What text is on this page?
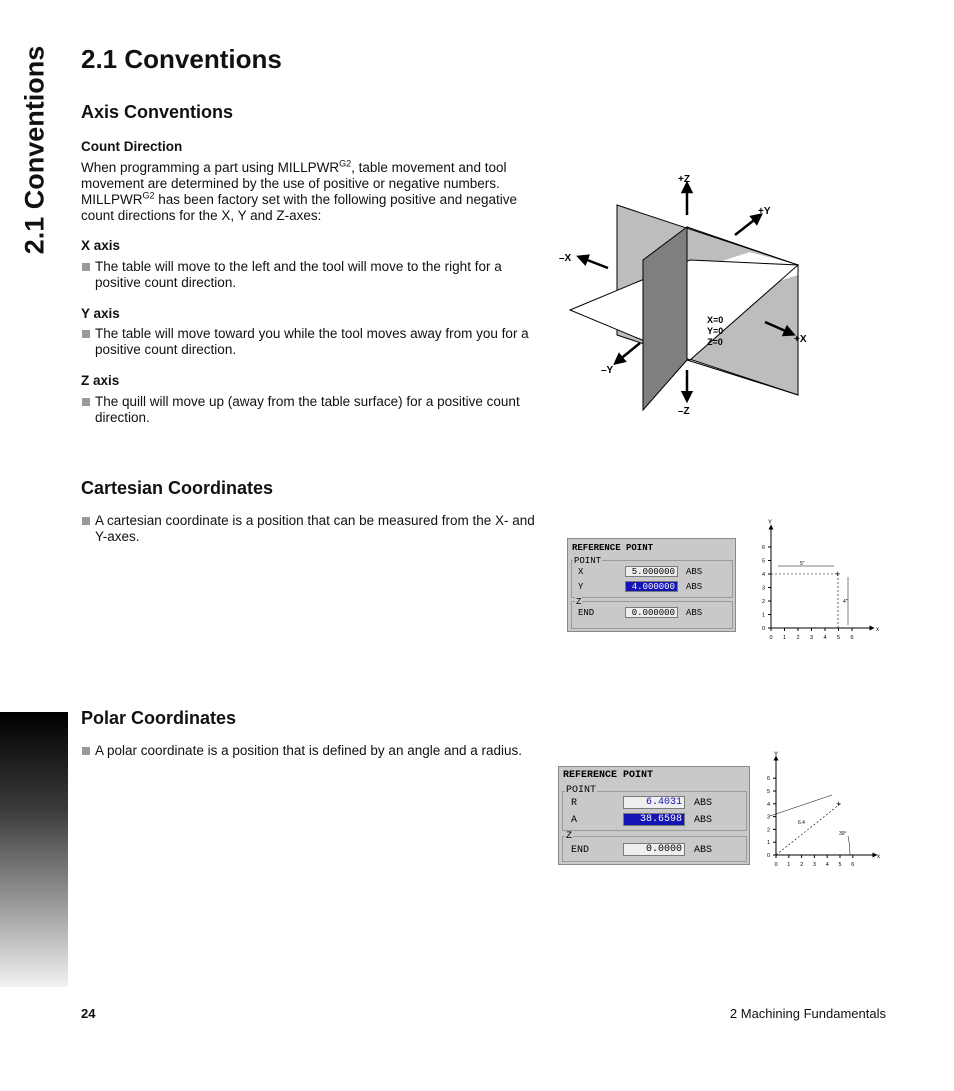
2.1 Conventions 2.1 Conventions
Axis Conventions
Count Direction

When programming a part using $MILLPWR^{G2}$, table movement and tool movement are determined by the use of positive or negative numbers. $MILLPWR^{G2}$ has been factory set with the following positive and negative count directions for the X, Y and Z-axes:

X axis

The table will move to the left and the tool will move to the right for a positive count direction.

Y axis

The table will move toward you while the tool moves away from you for a positive count direction.

Z axis

The quill will move up (away from the table surface) for a positive count direction.

+Z
–Z
+Y
–Y
+X
–X
X=0
Y=0
Z=0
Cartesian Coordinates

A cartesian coordinate is a position that can be measured from the X- and Y-axes.

REFERENCE POINT
POINT
X	5.000000	ABS
Y	4.000000	ABS
Z
END	0.000000	ABS
Y
x
0
0
1
1
2
2
3
3
4
4
5
5
6
6
5"
4"
+
Polar Coordinates

A polar coordinate is a position that is defined by an angle and a radius.

REFERENCE POINT
POINT
R	6.4031	ABS
A	38.6598	ABS
Z
END	0.0000	ABS
Y
x
0
0
1
1
2
2
3
3
4
4
5
5
6
6
6.4
39°
+
24	2 Machining Fundamentals
